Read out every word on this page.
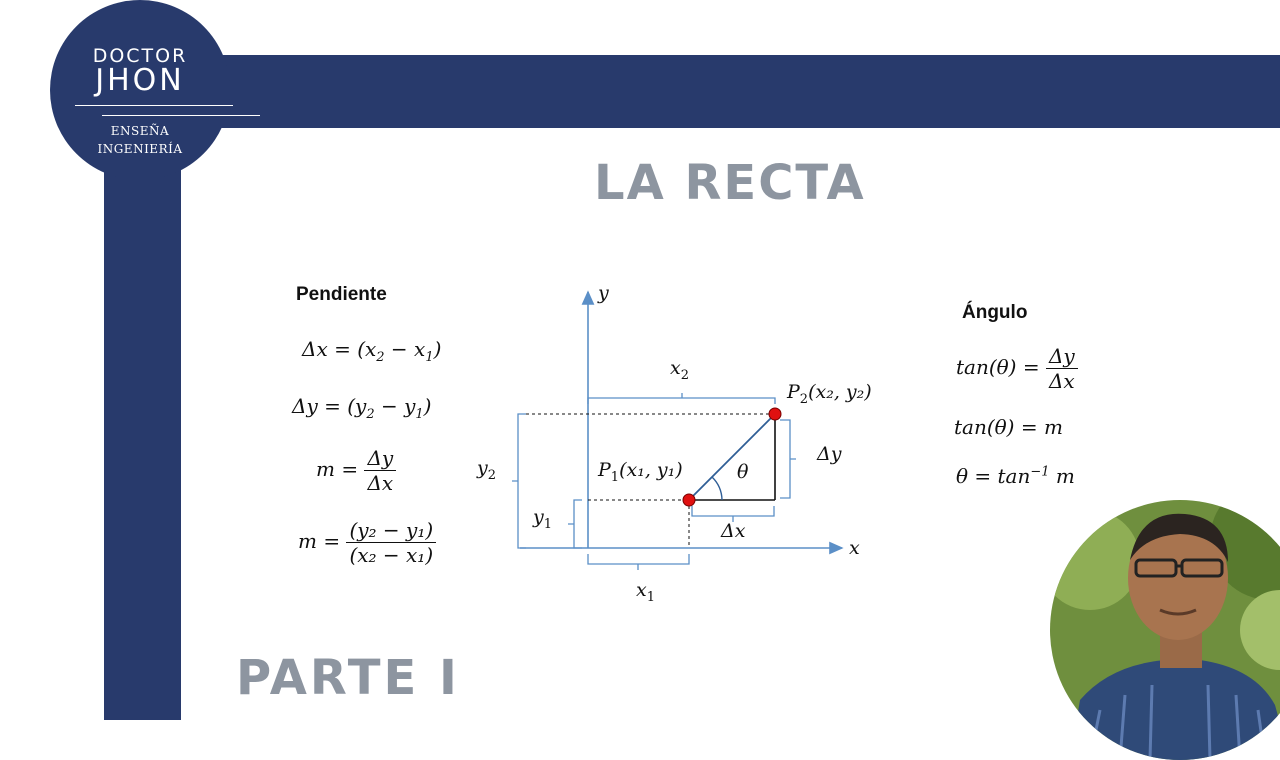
DOCTOR
JHON
ENSEÑA
INGENIERÍA
LA RECTA
PARTE I
Pendiente
$\Delta x = (x_2 - x_1)$
$\Delta y = (y_2 - y_1)$
$m = \frac{\Delta y}{\Delta x}$
$m = \frac{\text{(y₂ − y₁)}}{\text{(x₂ − x₁)}}$
Ángulo
$\tan(\theta) = \frac{\Delta y}{\Delta x}$
tan(θ) = m
$\theta = \tan^{-1} m$
y
x
θ
$x_2$
$x_1$
$y_2$
$y_1$
Δy
Δx
$P_2(x_2$, y₂)
$P_1(x_1$, y₁)
